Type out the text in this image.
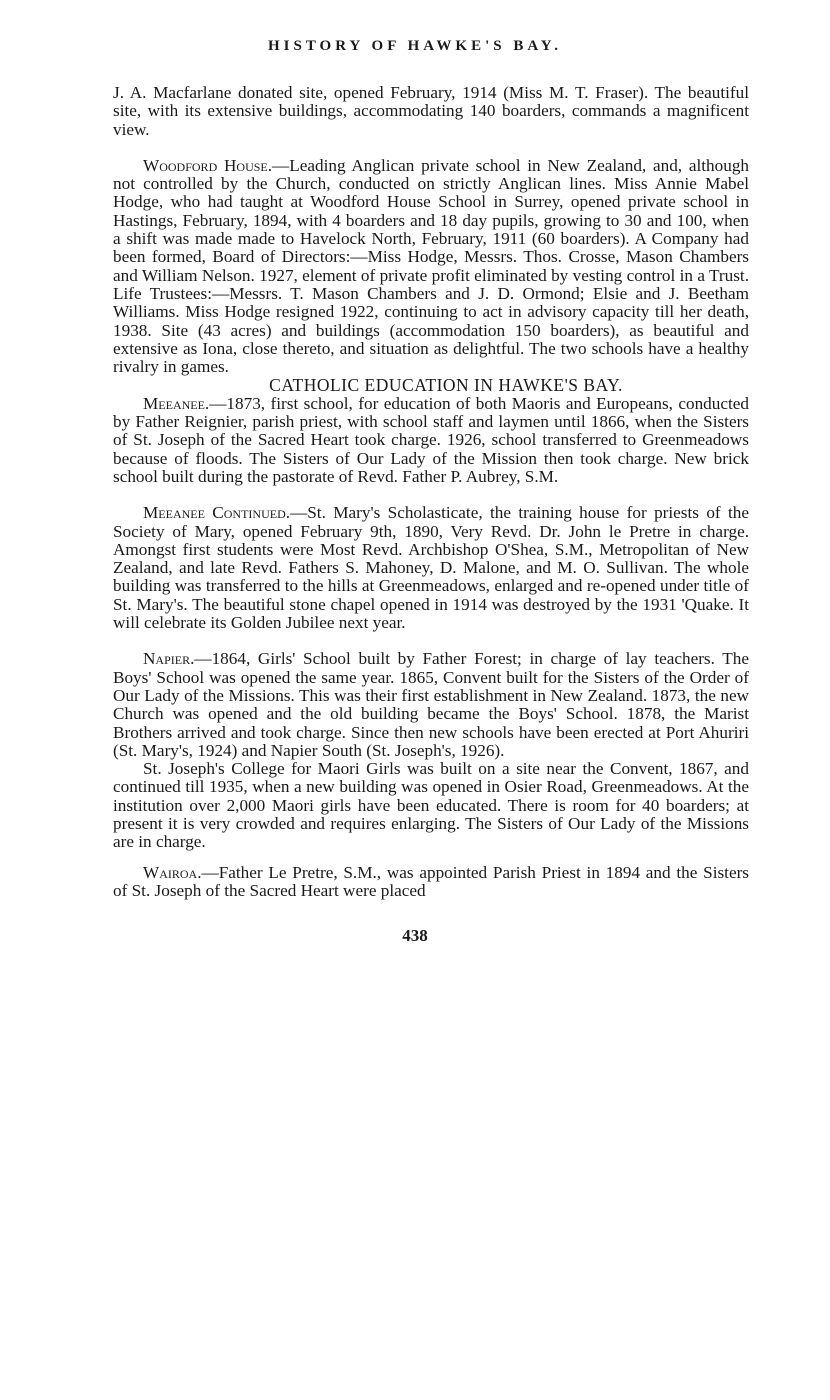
HISTORY OF HAWKE'S BAY.

J. A. Macfarlane donated site, opened February, 1914 (Miss M. T. Fraser). The beautiful site, with its extensive buildings, accommodating 140 boarders, commands a magnificent view.

Woodford House.—Leading Anglican private school in New Zealand, and, although not controlled by the Church, conducted on strictly Anglican lines. Miss Annie Mabel Hodge, who had taught at Woodford House School in Surrey, opened private school in Hastings, February, 1894, with 4 boarders and 18 day pupils, growing to 30 and 100, when a shift was made made to Havelock North, February, 1911 (60 boarders). A Company had been formed, Board of Directors:—Miss Hodge, Messrs. Thos. Crosse, Mason Chambers and William Nelson. 1927, element of private profit eliminated by vesting control in a Trust. Life Trustees:—Messrs. T. Mason Chambers and J. D. Ormond; Elsie and J. Beetham Williams. Miss Hodge resigned 1922, continuing to act in advisory capacity till her death, 1938. Site (43 acres) and buildings (accommodation 150 boarders), as beautiful and extensive as Iona, close thereto, and situation as delightful. The two schools have a healthy rivalry in games.

CATHOLIC EDUCATION IN HAWKE'S BAY.

Meeanee.—1873, first school, for education of both Maoris and Europeans, conducted by Father Reignier, parish priest, with school staff and laymen until 1866, when the Sisters of St. Joseph of the Sacred Heart took charge. 1926, school transferred to Greenmeadows because of floods. The Sisters of Our Lady of the Mission then took charge. New brick school built during the pastorate of Revd. Father P. Aubrey, S.M.

Meeanee Continued.—St. Mary's Scholasticate, the training house for priests of the Society of Mary, opened February 9th, 1890, Very Revd. Dr. John le Pretre in charge. Amongst first students were Most Revd. Archbishop O'Shea, S.M., Metropolitan of New Zealand, and late Revd. Fathers S. Mahoney, D. Malone, and M. O. Sullivan. The whole building was transferred to the hills at Greenmeadows, enlarged and re-opened under title of St. Mary's. The beautiful stone chapel opened in 1914 was destroyed by the 1931 'Quake. It will celebrate its Golden Jubilee next year.

Napier.—1864, Girls' School built by Father Forest; in charge of lay teachers. The Boys' School was opened the same year. 1865, Convent built for the Sisters of the Order of Our Lady of the Missions. This was their first establishment in New Zealand. 1873, the new Church was opened and the old building became the Boys' School. 1878, the Marist Brothers arrived and took charge. Since then new schools have been erected at Port Ahuriri (St. Mary's, 1924) and Napier South (St. Joseph's, 1926).

St. Joseph's College for Maori Girls was built on a site near the Convent, 1867, and continued till 1935, when a new building was opened in Osier Road, Greenmeadows. At the institution over 2,000 Maori girls have been educated. There is room for 40 boarders; at present it is very crowded and requires enlarging. The Sisters of Our Lady of the Missions are in charge.

Wairoa.—Father Le Pretre, S.M., was appointed Parish Priest in 1894 and the Sisters of St. Joseph of the Sacred Heart were placed

438
